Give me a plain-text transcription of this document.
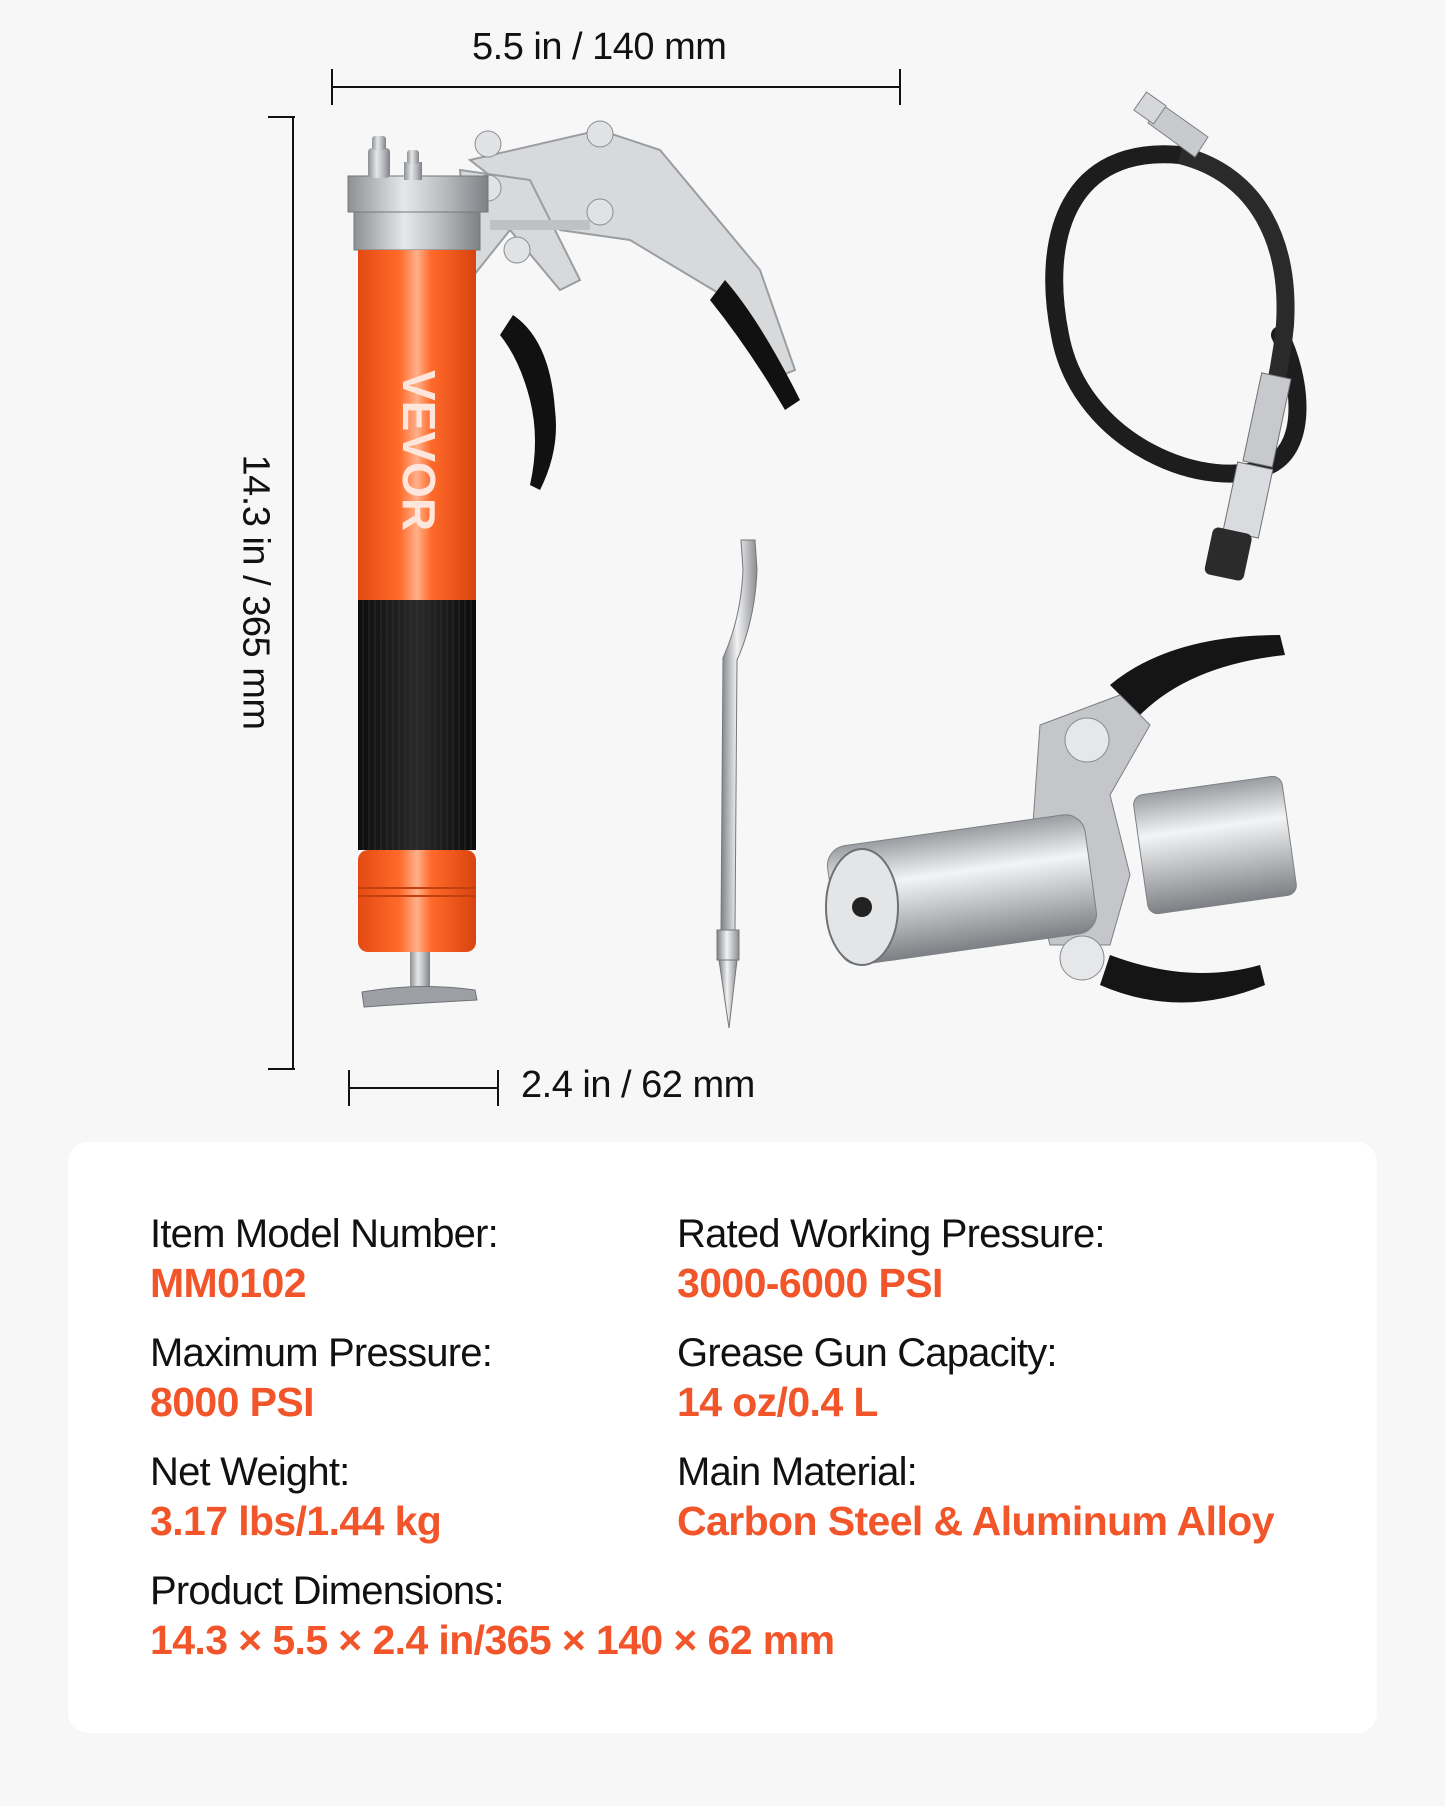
5.5 in / 140 mm
14.3 in / 365 mm
2.4 in / 62 mm
VEVOR
Item Model Number:
MM0102
Rated Working Pressure:
3000-6000 PSI
Maximum Pressure:
8000 PSI
Grease Gun Capacity:
14 oz/0.4 L
Net Weight:
3.17 lbs/1.44 kg
Main Material:
Carbon Steel & Aluminum Alloy
Product Dimensions:
14.3 × 5.5 × 2.4 in/365 × 140 × 62 mm
